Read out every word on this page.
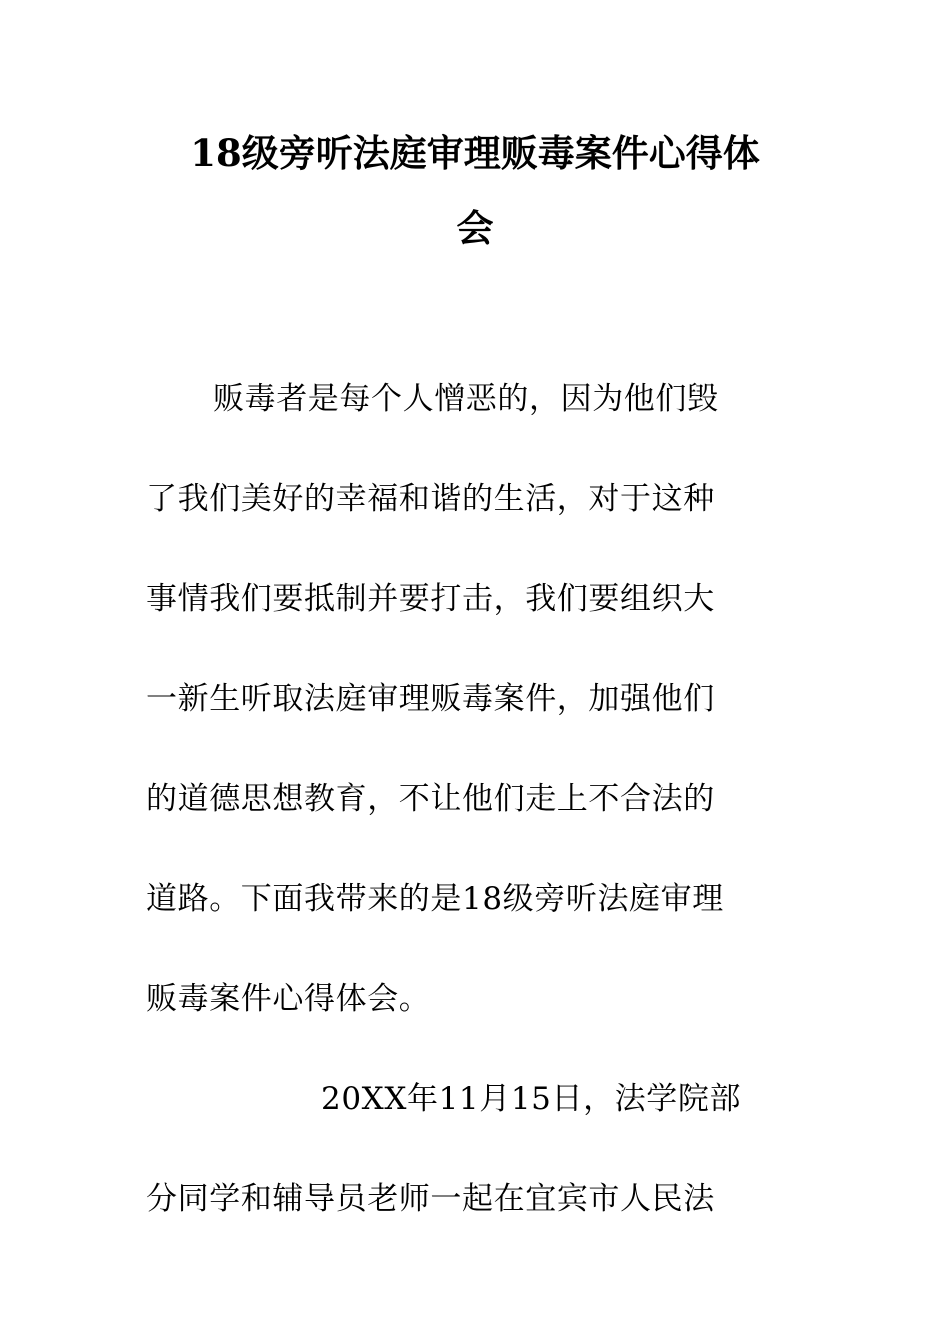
18级旁听法庭审理贩毒案件心得体
会
贩毒者是每个人憎恶的，因为他们毁
了我们美好的幸福和谐的生活，对于这种
事情我们要抵制并要打击，我们要组织大
一新生听取法庭审理贩毒案件，加强他们
的道德思想教育，不让他们走上不合法的
道路。下面我带来的是18级旁听法庭审理
贩毒案件心得体会。
20XX年11月15日，法学院部
分同学和辅导员老师一起在宜宾市人民法
